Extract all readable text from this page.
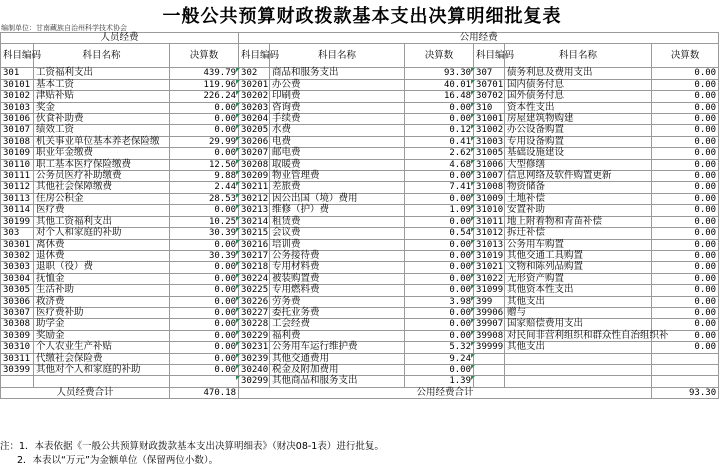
一般公共预算财政拨款基本支出决算明细批复表
编制单位：甘南藏族自治州科学技术协会
人员经费			公用经费					
科目编码	科目名称	决算数	科目编码	科目名称	决算数	科目编码	科目名称	决算数
301	工资福利支出	439.79	302	商品和服务支出	93.30	307	债务利息及费用支出	0.00
30101	基本工资	119.96	30201	办公费	40.01	30701	国内债务付息	0.00
30102	津贴补贴	226.24	30202	印刷费	16.48	30702	国外债务付息	0.00
30103	奖金	0.00	30203	咨询费	0.00	310	资本性支出	0.00
30106	伙食补助费	0.00	30204	手续费	0.00	31001	房屋建筑物购建	0.00
30107	绩效工资	0.00	30205	水费	0.12	31002	办公设备购置	0.00
30108	机关事业单位基本养老保险缴	29.99	30206	电费	0.41	31003	专用设备购置	0.00
30109	职业年金缴费	0.00	30207	邮电费	2.62	31005	基础设施建设	0.00
30110	职工基本医疗保险缴费	12.50	30208	取暖费	4.68	31006	大型修缮	0.00
30111	公务员医疗补助缴费	9.88	30209	物业管理费	0.00	31007	信息网络及软件购置更新	0.00
30112	其他社会保障缴费	2.44	30211	差旅费	7.41	31008	物资储备	0.00
30113	住房公积金	28.53	30212	因公出国（境）费用	0.00	31009	土地补偿	0.00
30114	医疗费	0.00	30213	维修（护）费	1.09	31010	安置补助	0.00
30199	其他工资福利支出	10.25	30214	租赁费	0.00	31011	地上附着物和青苗补偿	0.00
303	对个人和家庭的补助	30.39	30215	会议费	0.54	31012	拆迁补偿	0.00
30301	离休费	0.00	30216	培训费	0.00	31013	公务用车购置	0.00
30302	退休费	30.39	30217	公务接待费	0.00	31019	其他交通工具购置	0.00
30303	退职（役）费	0.00	30218	专用材料费	0.00	31021	文物和陈列品购置	0.00
30304	抚恤金	0.00	30224	被装购置费	0.00	31022	无形资产购置	0.00
30305	生活补助	0.00	30225	专用燃料费	0.00	31099	其他资本性支出	0.00
30306	救济费	0.00	30226	劳务费	3.98	399	其他支出	0.00
30307	医疗费补助	0.00	30227	委托业务费	0.00	39906	赠与	0.00
30308	助学金	0.00	30228	工会经费	0.00	39907	国家赔偿费用支出	0.00
30309	奖励金	0.00	30229	福利费	0.00	39908	对民间非营利组织和群众性自治组织补	0.00
30310	个人农业生产补贴	0.00	30231	公务用车运行维护费	5.32	39999	其他支出	0.00
30311	代缴社会保险费	0.00	30239	其他交通费用	9.24			
30399	其他对个人和家庭的补助	0.00	30240	税金及附加费用	0.00			
			30299	其他商品和服务支出	1.39			
人员经费合计		470.18	公用经费合计					93.30
注：1．本表依据《一般公共预算财政拨款基本支出决算明细表》（财决08-1表）进行批复。
2．本表以“万元”为金额单位（保留两位小数）。
